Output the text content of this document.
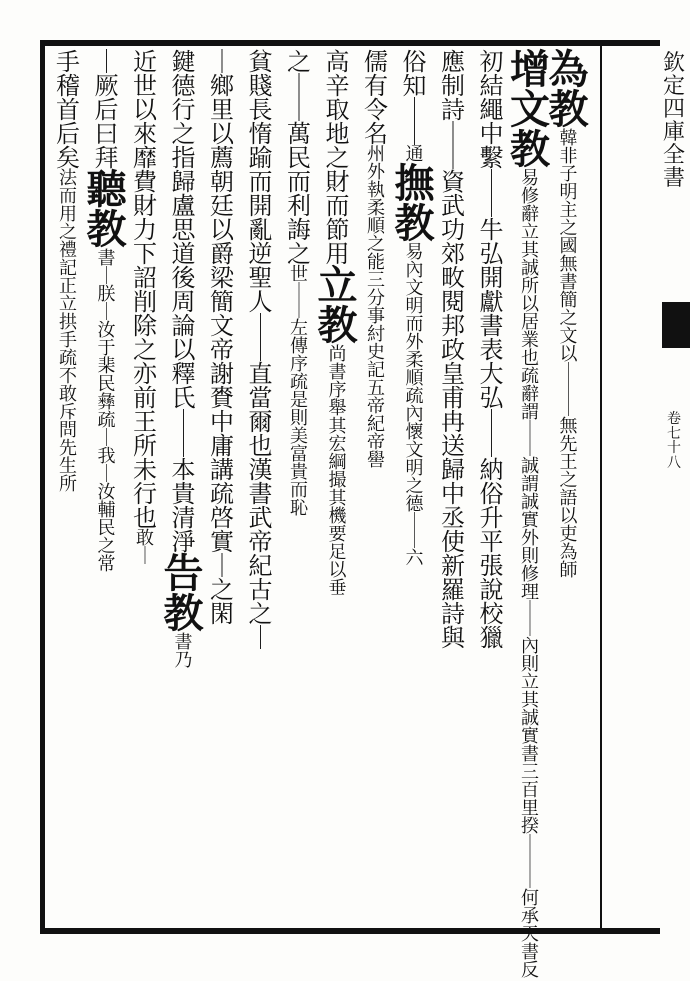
為
教
韓
非
子
明
主
之
國
無
書
簡
之
文
以
｜
｜
｜
無
先
王
之
語
以
吏
為
師
增
文
教
易
修
辭
立
其
誠
所
以
居
業
也
疏
辭
謂
｜
｜
誠
謂
誠
實
外
則
修
理
｜
｜
內
則
立
其
誠
實
書
三
百
里
揆
｜
｜
｜
何
承
天
書
反
初
結
繩
中
繫
｜
｜
牛
弘
開
獻
書
表
大
弘
｜
｜
納
俗
升
平
張
說
校
獵
應
制
詩
｜
｜
資
武
功
郊
畋
閱
邦
政
皇
甫
冉
送
歸
中
丞
使
新
羅
詩
與
俗
知
｜
｜
通
撫
教
易
內
文
明
而
外
柔
順
疏
內
懷
文
明
之
德
｜
｜
六
儒
有
令
名
州
外
執
柔
順
之
能
三
分
事
紂
史
記
五
帝
紀
帝
嚳
高
辛
取
地
之
財
而
節
用
立
教
尚
書
序
舉
其
宏
綱
撮
其
機
要
足
以
垂
之
｜
｜
萬
民
而
利
誨
之
世
｜
｜
左
傳
序
疏
是
則
美
富
貴
而
恥
貧
賤
長
惰
踰
而
開
亂
逆
聖
人
｜
｜
直
當
爾
也
漢
書
武
帝
紀
古
之
｜
｜
鄉
里
以
薦
朝
廷
以
爵
梁
簡
文
帝
謝
賚
中
庸
講
疏
啓
實
｜
之
閑
鍵
德
行
之
指
歸
盧
思
道
後
周
論
以
釋
氏
｜
｜
本
貴
清
淨
告
教
書
乃
近
世
以
來
靡
費
財
力
下
詔
削
除
之
亦
前
王
所
未
行
也
敢
｜
｜
厥
后
曰
拜
聽
教
書
｜
朕
｜
汝
于
棐
民
彝
疏
｜
我
｜
汝
輔
民
之
常
手
稽
首
后
矣
法
而
用
之
禮
記
正
立
拱
手
疏
不
敢
斥
問
先
生
所
欽
定
四
庫
全
書
卷
七
十
八
